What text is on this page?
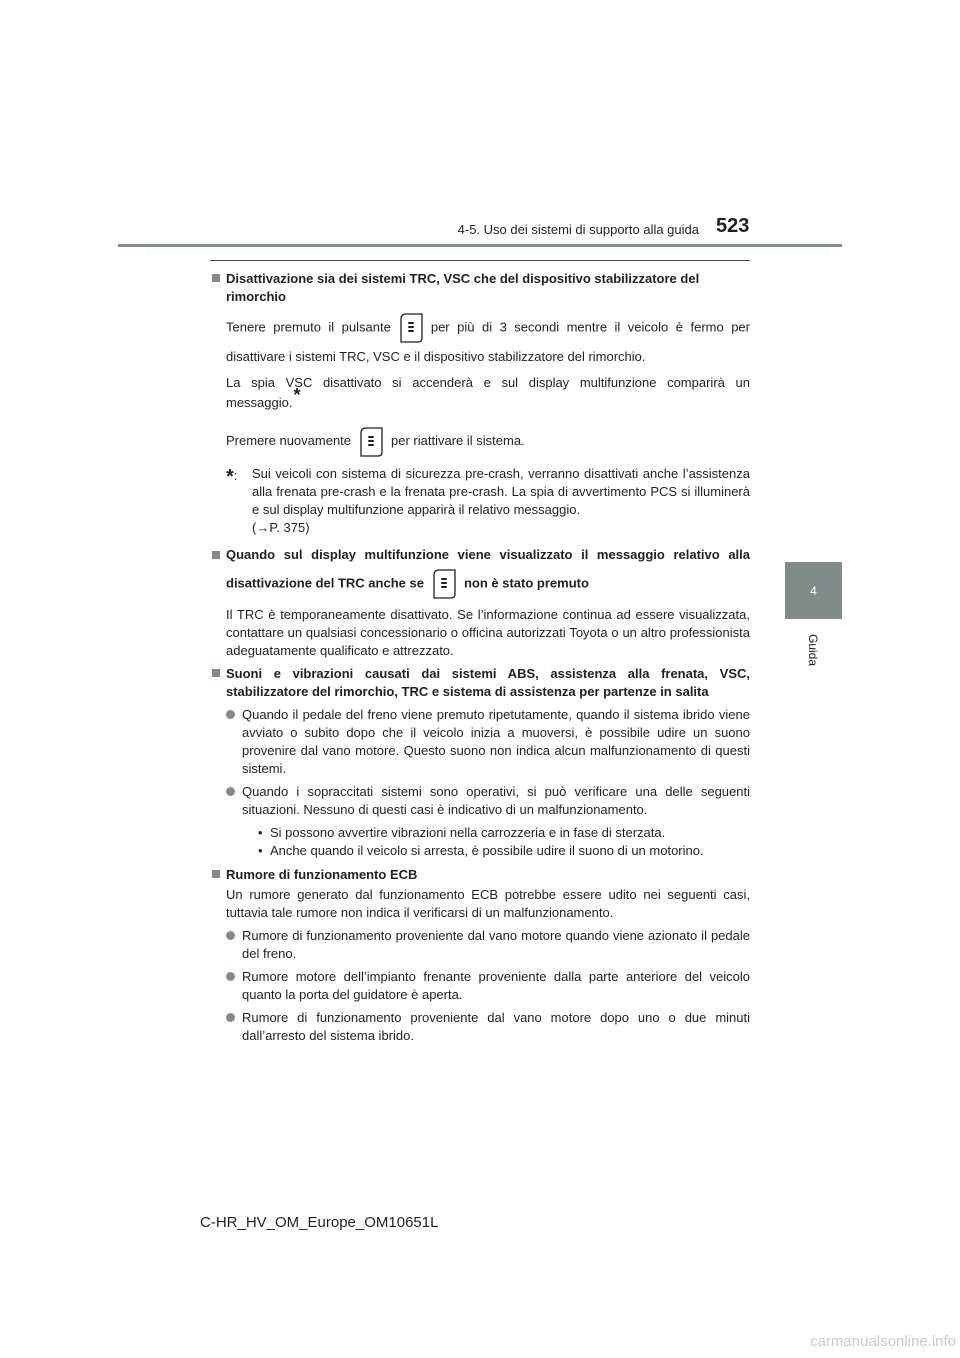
4-5. Uso dei sistemi di supporto alla guida 523
4
Guida
Disattivazione sia dei sistemi TRC, VSC che del dispositivo stabilizzatore del rimorchio

Tenere premuto il pulsante	per più di 3 secondi mentre il veicolo è fermo per disattivare i sistemi TRC, VSC e il dispositivo stabilizzatore del rimorchio.

La spia VSC disattivato si accenderà e sul display multifunzione comparirà un messaggio.*

Premere nuovamente	per riattivare il sistema.

*:	Sui veicoli con sistema di sicurezza pre-crash, verranno disattivati anche l’assistenza alla frenata pre-crash e la frenata pre-crash. La spia di avvertimento PCS si illuminerà e sul display multifunzione apparirà il relativo messaggio.
(→P. 375)
Quando sul display multifunzione viene visualizzato il messaggio relativo alla disattivazione del TRC anche se	non è stato premuto

Il TRC è temporaneamente disattivato. Se l’informazione continua ad essere visualizzata, contattare un qualsiasi concessionario o officina autorizzati Toyota o un altro professionista adeguatamente qualificato e attrezzato.

Suoni e vibrazioni causati dai sistemi ABS, assistenza alla frenata, VSC, stabilizzatore del rimorchio, TRC e sistema di assistenza per partenze in salita
Quando il pedale del freno viene premuto ripetutamente, quando il sistema ibrido viene avviato o subito dopo che il veicolo inizia a muoversi, è possibile udire un suono provenire dal vano motore. Questo suono non indica alcun malfunzionamento di questi sistemi.
Quando i sopraccitati sistemi sono operativi, si può verificare una delle seguenti situazioni. Nessuno di questi casi è indicativo di un malfunzionamento.
• Si possono avvertire vibrazioni nella carrozzeria e in fase di sterzata.
• Anche quando il veicolo si arresta, è possibile udire il suono di un motorino.
Rumore di funzionamento ECB

Un rumore generato dal funzionamento ECB potrebbe essere udito nei seguenti casi, tuttavia tale rumore non indica il verificarsi di un malfunzionamento.

Rumore di funzionamento proveniente dal vano motore quando viene azionato il pedale del freno.
Rumore motore dell’impianto frenante proveniente dalla parte anteriore del veicolo quanto la porta del guidatore è aperta.
Rumore di funzionamento proveniente dal vano motore dopo uno o due minuti dall’arresto del sistema ibrido.
C-HR_HV_OM_Europe_OM10651L
carmanualsonline.info
